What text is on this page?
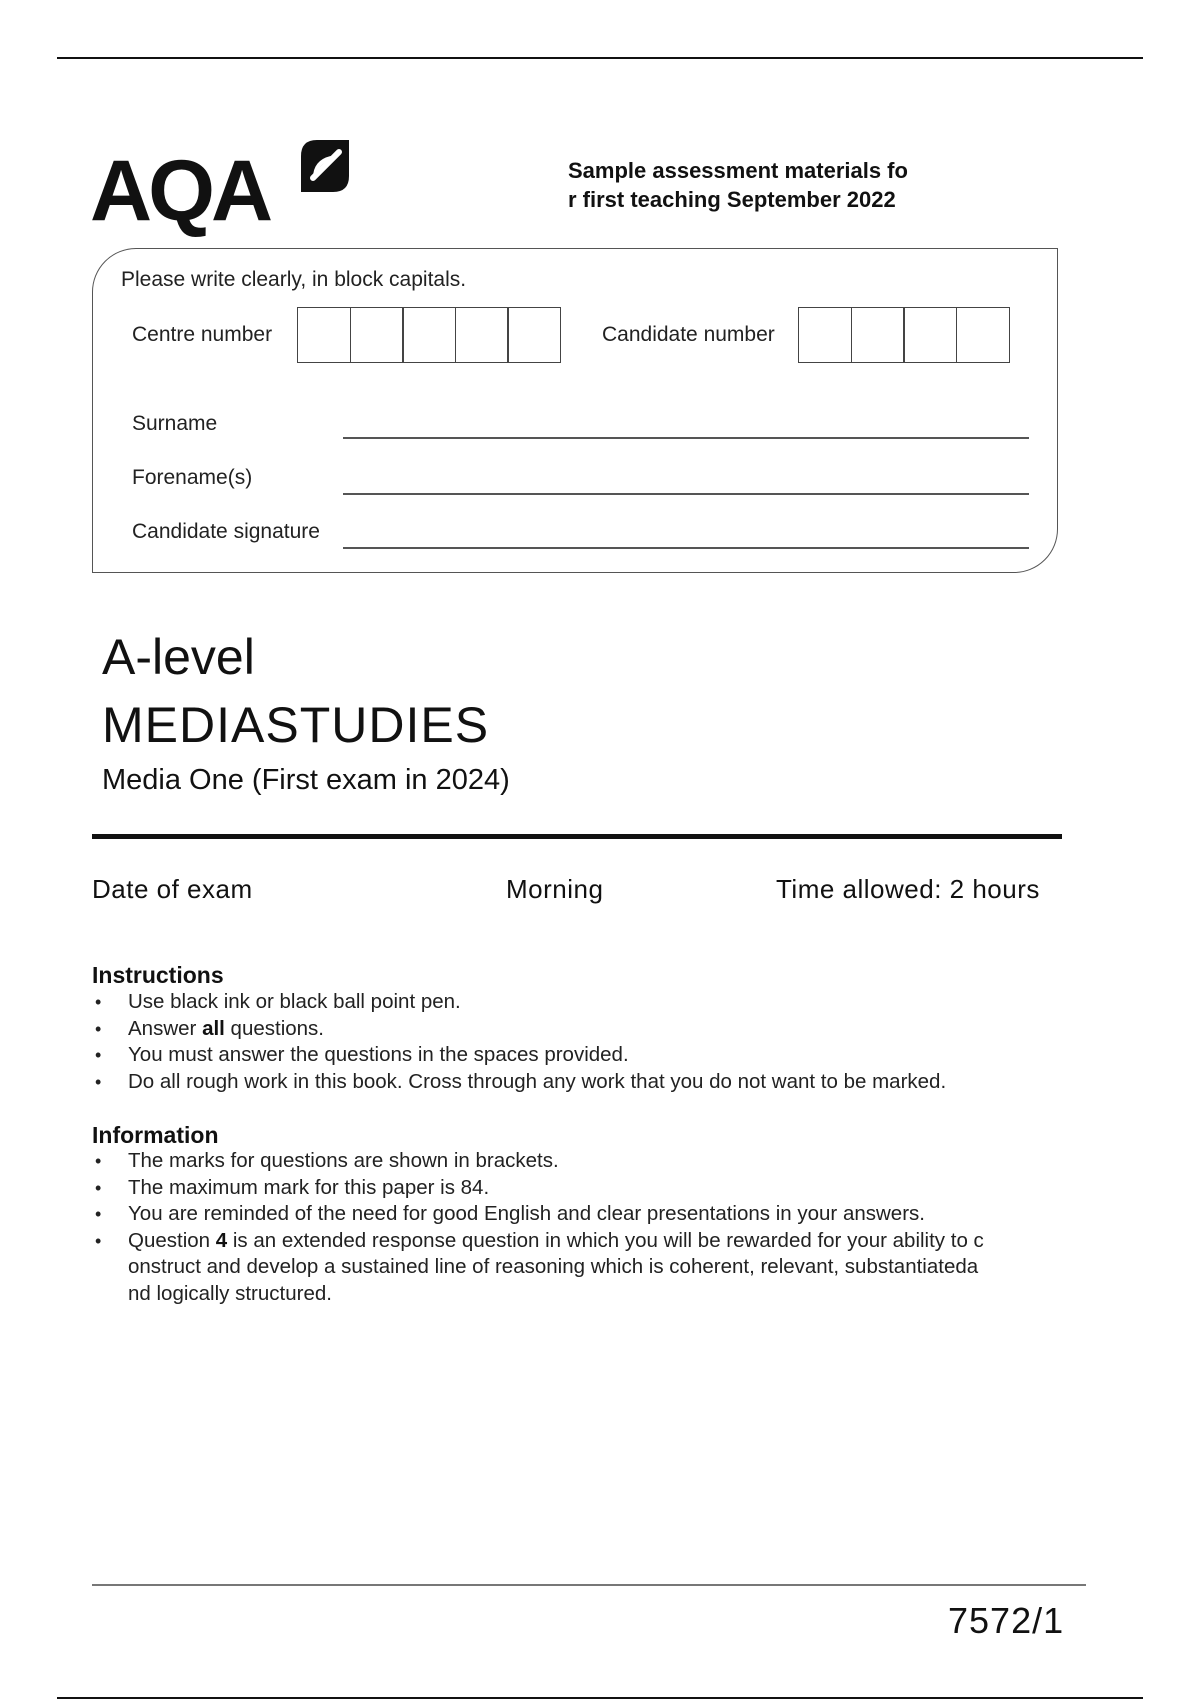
AQA	Sample assessment materials fo
r first teaching September 2022
Please write clearly, in block capitals.
Centre number	Candidate number
Surname
Forename(s)
Candidate signature
A-level
MEDIASTUDIES
Media One (First exam in 2024)
Date of exam	Morning	Time allowed: 2 hours
Instructions
• Use black ink or black ball point pen.
• Answer all questions.
• You must answer the questions in the spaces provided.
• Do all rough work in this book. Cross through any work that you do not want to be marked.
Information
• The marks for questions are shown in brackets.
• The maximum mark for this paper is 84.
• You are reminded of the need for good English and clear presentations in your answers.
• Question 4 is an extended response question in which you will be rewarded for your ability to c
onstruct and develop a sustained line of reasoning which is coherent, relevant, substantiateda
nd logically structured.
7572/1
